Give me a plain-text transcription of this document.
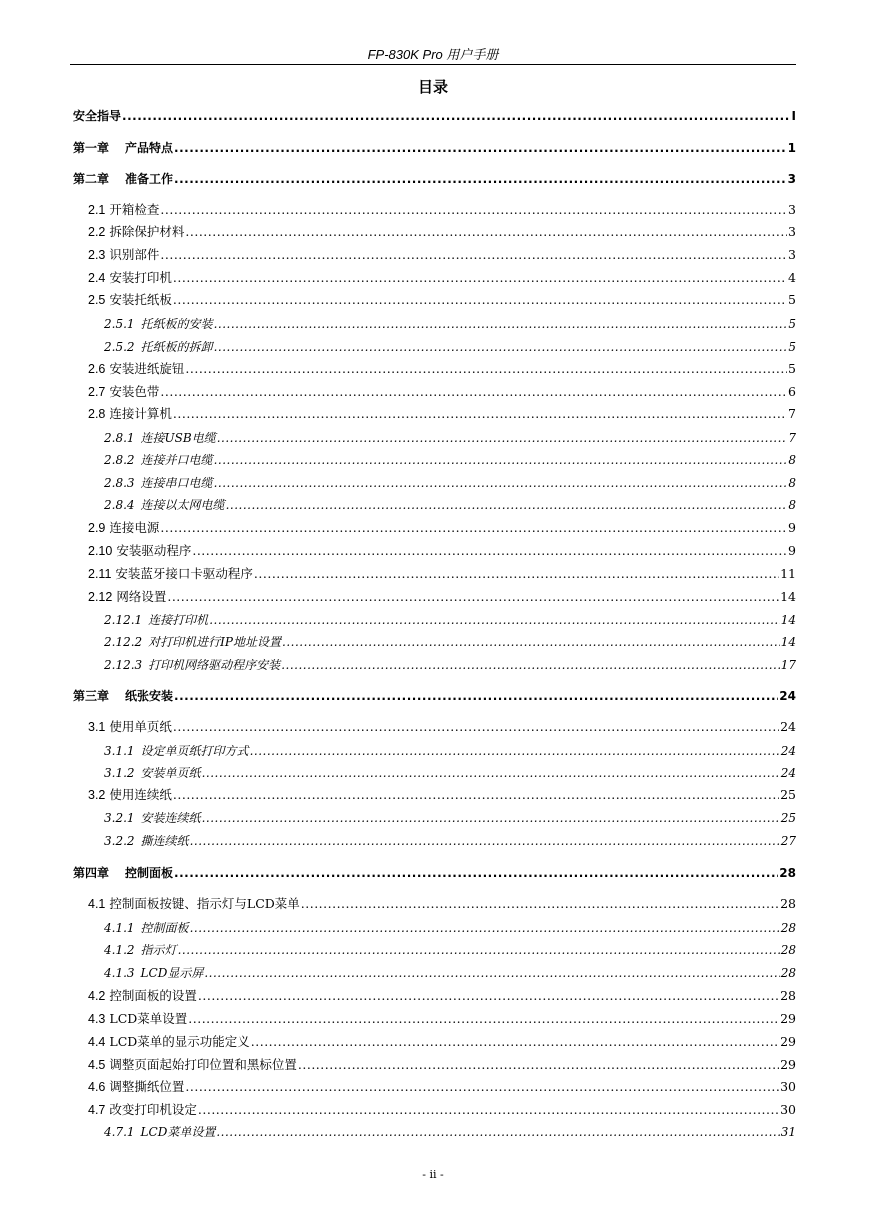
FP-830K Pro 用户手册
目录
安全指导 .....	I
第一章 产品特点 .....	1
第二章 准备工作 .....	3
2.1 开箱检查 .....	3
2.2 拆除保护材料 .....	3
2.3 识别部件 .....	3
2.4 安装打印机 .....	4
2.5 安装托纸板 .....	5
2.5.1 托纸板的安装 .....	5
2.5.2 托纸板的拆卸 .....	5
2.6 安装进纸旋钮 .....	5
2.7 安装色带 .....	6
2.8 连接计算机 .....	7
2.8.1 连接USB电缆 .....	7
2.8.2 连接并口电缆 .....	8
2.8.3 连接串口电缆 .....	8
2.8.4 连接以太网电缆 .....	8
2.9 连接电源 .....	9
2.10 安装驱动程序 .....	9
2.11 安装蓝牙接口卡驱动程序 .....	11
2.12 网络设置 .....	14
2.12.1 连接打印机 .....	14
2.12.2 对打印机进行IP地址设置 .....	14
2.12.3 打印机网络驱动程序安装 .....	17
第三章 纸张安装 .....	24
3.1 使用单页纸 .....	24
3.1.1 设定单页纸打印方式 .....	24
3.1.2 安装单页纸 .....	24
3.2 使用连续纸 .....	25
3.2.1 安装连续纸 .....	25
3.2.2 撕连续纸 .....	27
第四章 控制面板 .....	28
4.1 控制面板按键、指示灯与LCD菜单 .....	28
4.1.1 控制面板 .....	28
4.1.2 指示灯 .....	28
4.1.3 LCD显示屏 .....	28
4.2 控制面板的设置 .....	28
4.3 LCD菜单设置 .....	29
4.4 LCD菜单的显示功能定义 .....	29
4.5 调整页面起始打印位置和黑标位置 .....	29
4.6 调整撕纸位置 .....	30
4.7 改变打印机设定 .....	30
4.7.1 LCD菜单设置 .....	31
- ii -
